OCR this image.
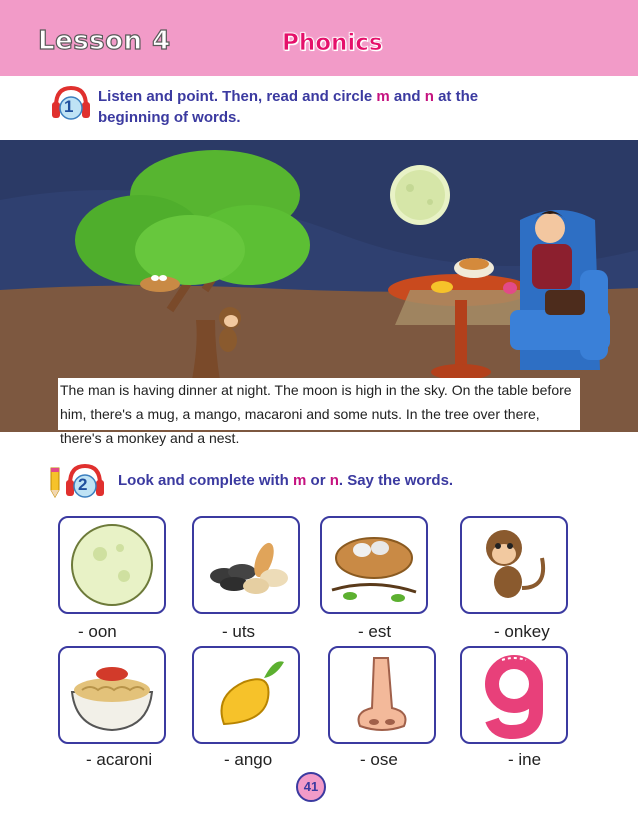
Lesson 4	Phonics
1
Listen and point. Then, read and circle m and n at the
beginning of words.
The man is having dinner at night. The moon is high in the sky. On the table before him, there's a mug, a mango, macaroni and some nuts. In the tree over there, there's a monkey and a nest.
2 Look and complete with m or n. Say the words.
- oon	- uts	- est	- onkey
- acaroni	- ango	- ose	- ine
41
